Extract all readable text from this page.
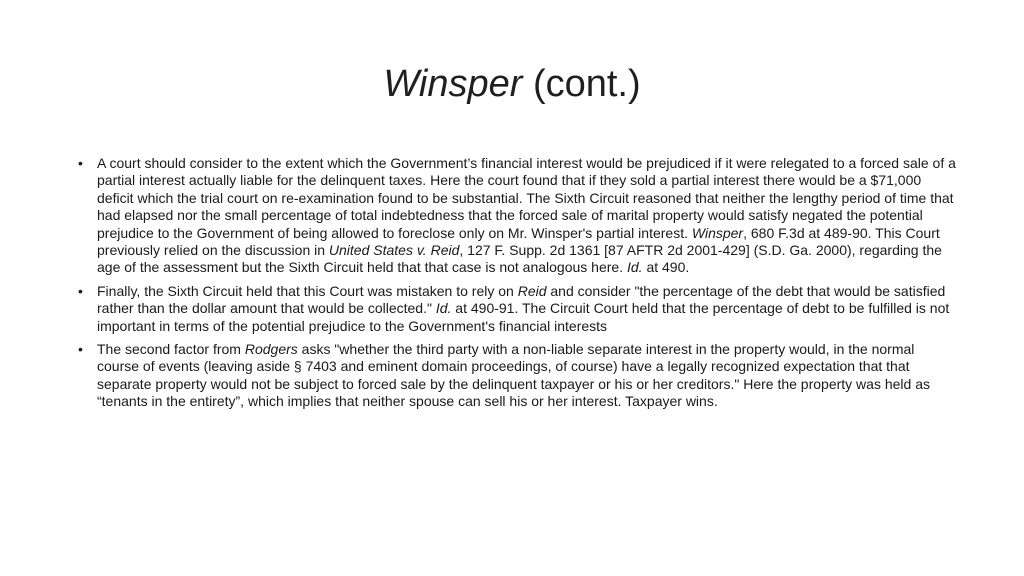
Winsper (cont.)
• A court should consider to the extent which the Government’s financial interest would be prejudiced if it were relegated to a forced sale of a partial interest actually liable for the delinquent taxes. Here the court found that if they sold a partial interest there would be a $71,000 deficit which the trial court on re-examination found to be substantial. The Sixth Circuit reasoned that neither the lengthy period of time that had elapsed nor the small percentage of total indebtedness that the forced sale of marital property would satisfy negated the potential prejudice to the Government of being allowed to foreclose only on Mr. Winsper's partial interest. Winsper, 680 F.3d at 489-90. This Court previously relied on the discussion in United States v. Reid, 127 F. Supp. 2d 1361 [87 AFTR 2d 2001-429] (S.D. Ga. 2000), regarding the age of the assessment but the Sixth Circuit held that that case is not analogous here. Id. at 490.
• Finally, the Sixth Circuit held that this Court was mistaken to rely on Reid and consider "the percentage of the debt that would be satisfied rather than the dollar amount that would be collected." Id. at 490-91. The Circuit Court held that the percentage of debt to be fulfilled is not important in terms of the potential prejudice to the Government's financial interests
• The second factor from Rodgers asks "whether the third party with a non-liable separate interest in the property would, in the normal course of events (leaving aside § 7403 and eminent domain proceedings, of course) have a legally recognized expectation that that separate property would not be subject to forced sale by the delinquent taxpayer or his or her creditors." Here the property was held as “tenants in the entirety”, which implies that neither spouse can sell his or her interest. Taxpayer wins.
